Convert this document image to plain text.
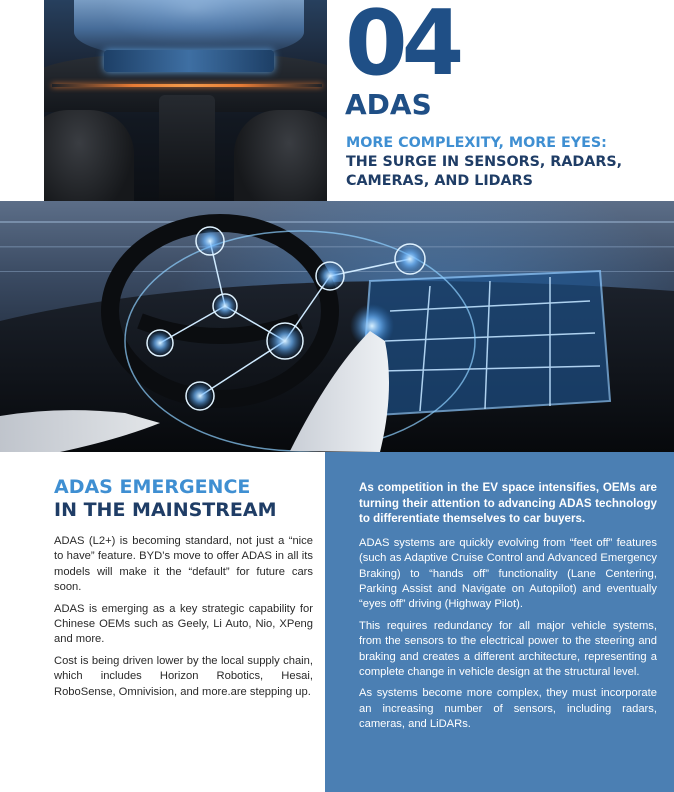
04
ADAS
MORE COMPLEXITY, MORE EYES:
THE SURGE IN SENSORS, RADARS,
CAMERAS, AND LIDARS
ADAS EMERGENCE
IN THE MAINSTREAM

ADAS (L2+) is becoming standard, not just a “nice to have” feature. BYD’s move to offer ADAS in all its models will make it the “default” for future cars soon.

ADAS is emerging as a key strategic capability for Chinese OEMs such as Geely, Li Auto, Nio, XPeng and more.

Cost is being driven lower by the local supply chain, which includes Horizon Robotics, Hesai, RoboSense, Omnivision, and more.are stepping up.

As competition in the EV space intensifies, OEMs are turning their attention to advancing ADAS technology to differentiate themselves to car buyers.

ADAS systems are quickly evolving from “feet off” features (such as Adaptive Cruise Control and Advanced Emergency Braking) to “hands off” functionality (Lane Centering, Parking Assist and Navigate on Autopilot) and eventually “eyes off” driving (Highway Pilot).

This requires redundancy for all major vehicle systems, from the sensors to the electrical power to the steering and braking and creates a different architecture, representing a complete change in vehicle design at the structural level.

As systems become more complex, they must incorporate an increasing number of sensors, including radars, cameras, and LiDARs.
